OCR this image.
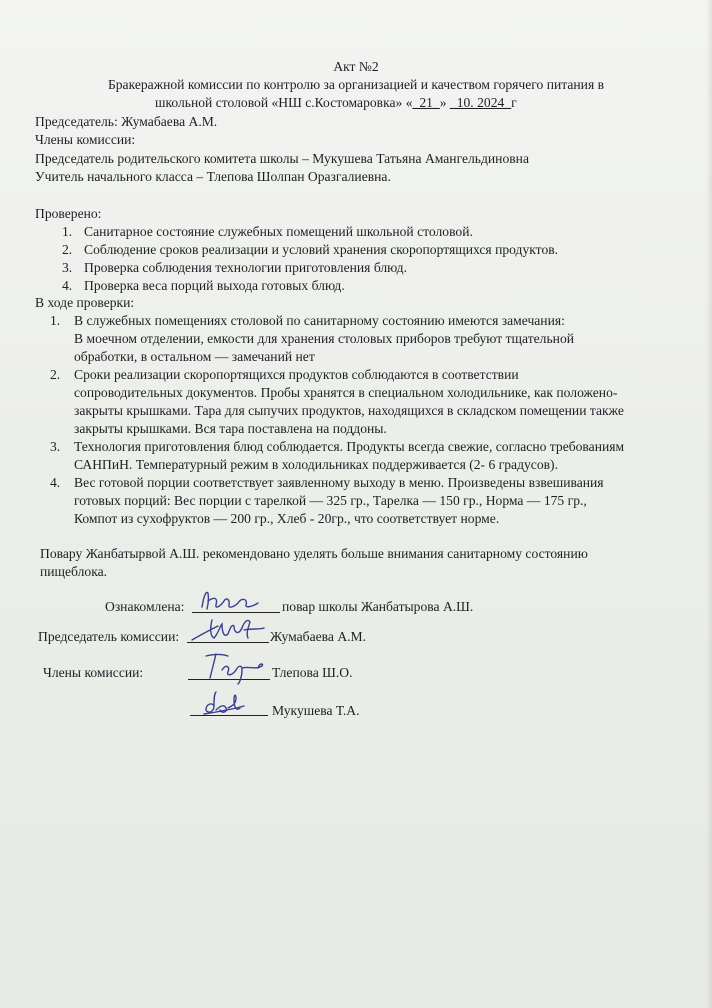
Акт №2
Бракеражной комиссии по контролю за организацией и качеством горячего питания в
школьной столовой «НШ с.Костомаровка» «_21_» _10. 2024_г
Председатель: Жумабаева А.М.
Члены комиссии:
Председатель родительского комитета школы – Мукушева Татьяна Амангельдиновна
Учитель начального класса – Тлепова Шолпан Оразгалиевна.
Проверено:
1. Санитарное состояние служебных помещений школьной столовой.
2. Соблюдение сроков реализации и условий хранения скоропортящихся продуктов.
3. Проверка соблюдения технологии приготовления блюд.
4. Проверка веса порций выхода готовых блюд.
В ходе проверки:
1. В служебных помещениях столовой по санитарному состоянию имеются замечания:
В моечном отделении, емкости для хранения столовых приборов требуют тщательной
обработки, в остальном — замечаний нет
2. Сроки реализации скоропортящихся продуктов соблюдаются в соответствии
сопроводительных документов. Пробы хранятся в специальном холодильнике, как положено-
закрыты крышками. Тара для сыпучих продуктов, находящихся в складском помещении также
закрыты крышками. Вся тара поставлена на поддоны.
3. Технология приготовления блюд соблюдается. Продукты всегда свежие, согласно требованиям
САНПиН. Температурный режим в холодильниках поддерживается (2- 6 градусов).
4. Вес готовой порции соответствует заявленному выходу в меню. Произведены взвешивания
готовых порций: Вес порции с тарелкой — 325 гр., Тарелка — 150 гр., Норма — 175 гр.,
Компот из сухофруктов — 200 гр., Хлеб - 20гр., что соответствует норме.
Повару Жанбатырвой А.Ш. рекомендовано уделять больше внимания санитарному состоянию
пищеблока.
Ознакомлена:	повар школы Жанбатырова А.Ш.
Председатель комиссии:	Жумабаева А.М.
Члены комиссии:	Тлепова Ш.О.
Мукушева Т.А.
